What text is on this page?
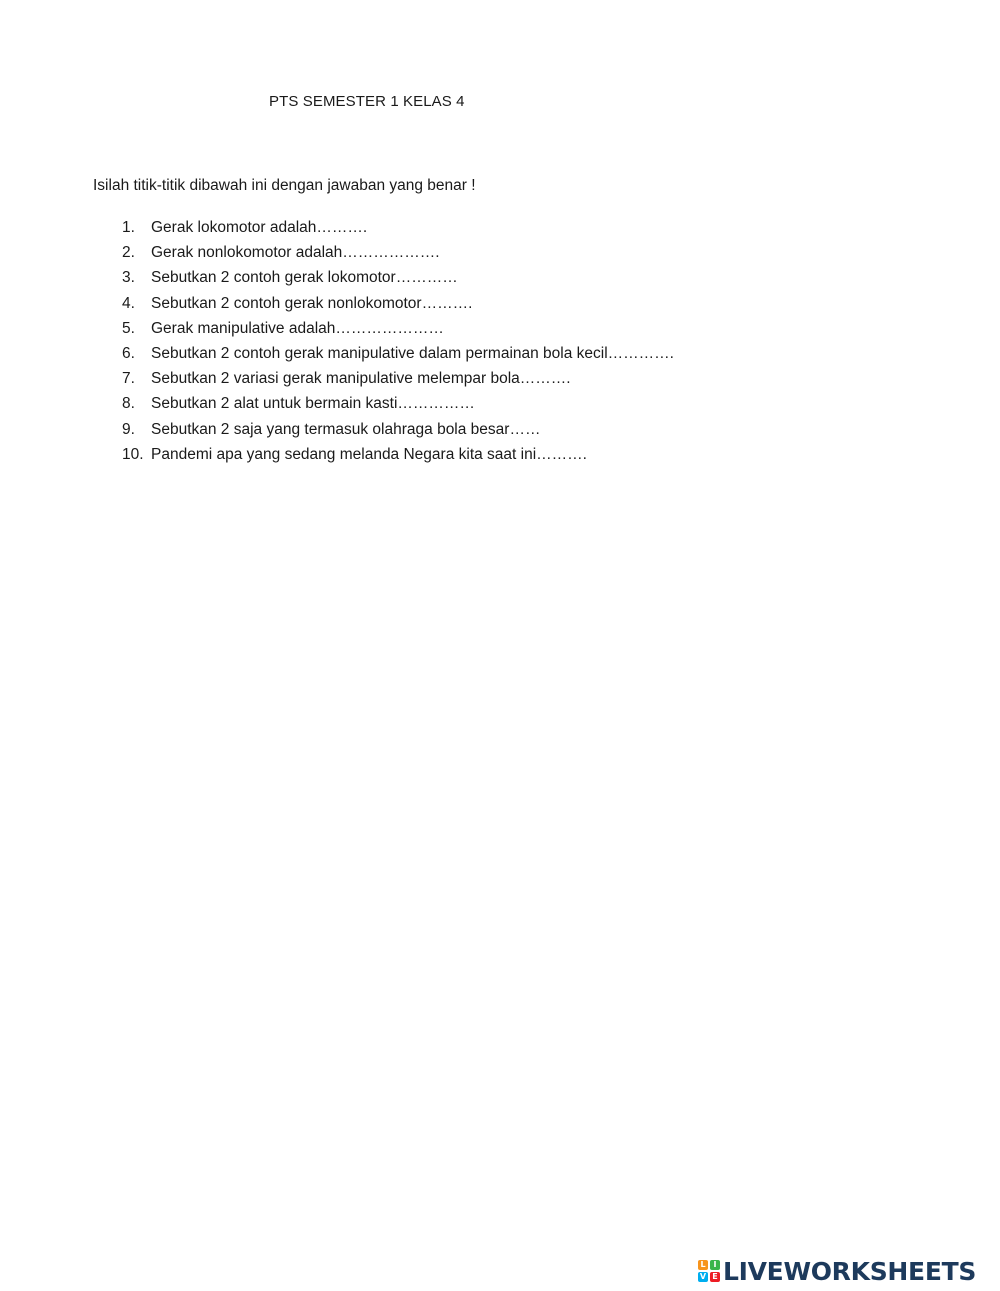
PTS SEMESTER 1 KELAS 4
Isilah titik-titik dibawah ini dengan jawaban yang benar !
1.	Gerak lokomotor adalah……….
2.	Gerak nonlokomotor adalah……………….
3.	Sebutkan 2 contoh gerak lokomotor…………
4.	Sebutkan 2 contoh gerak nonlokomotor……….
5.	Gerak manipulative adalah…………………
6.	Sebutkan 2 contoh gerak manipulative dalam permainan bola kecil………….
7.	Sebutkan 2 variasi gerak manipulative melempar bola……….
8.	Sebutkan 2 alat untuk bermain kasti……………
9.	Sebutkan 2 saja yang termasuk olahraga bola besar……
10. Pandemi apa yang sedang melanda Negara kita saat ini……….
L I
V E LIVEWORKSHEETS
